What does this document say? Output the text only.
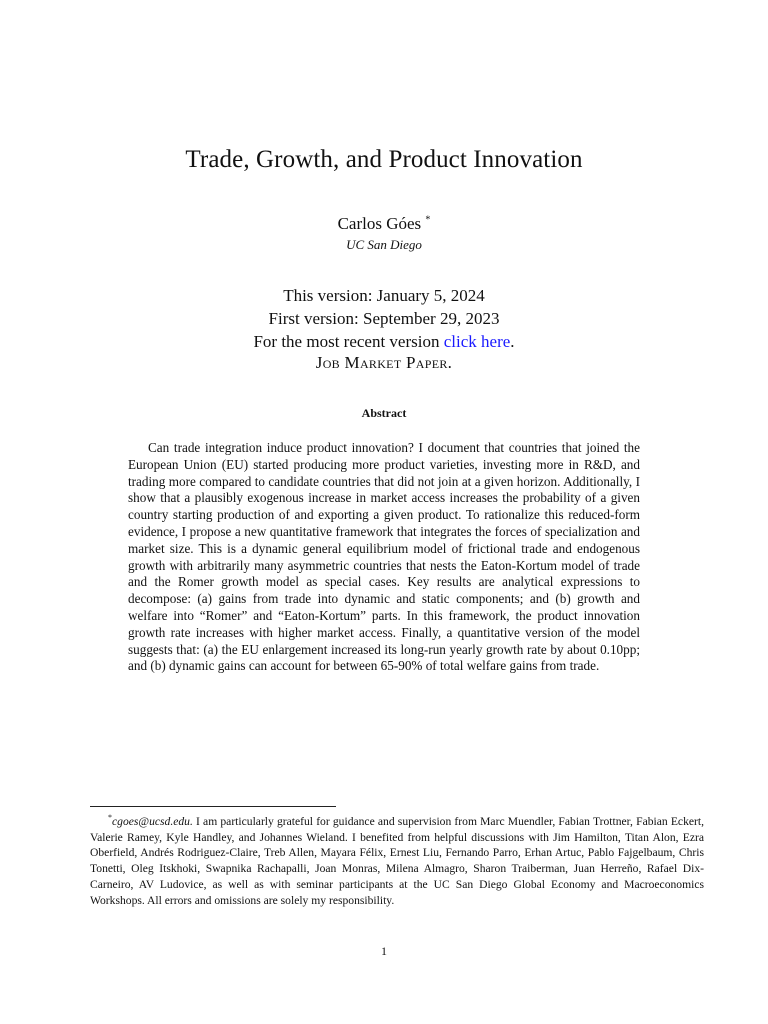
Trade, Growth, and Product Innovation
Carlos Góes *
UC San Diego
This version: January 5, 2024
First version: September 29, 2023
For the most recent version click here.
Job Market Paper.
Abstract

Can trade integration induce product innovation? I document that countries that joined the European Union (EU) started producing more product varieties, investing more in R&D, and trading more compared to candidate countries that did not join at a given horizon. Additionally, I show that a plausibly exogenous increase in market access increases the probability of a given country starting production of and exporting a given product. To rationalize this reduced-form evidence, I propose a new quantitative framework that integrates the forces of specialization and market size. This is a dynamic general equilibrium model of frictional trade and endogenous growth with arbitrarily many asymmetric countries that nests the Eaton-Kortum model of trade and the Romer growth model as special cases. Key results are analytical expressions to decompose: (a) gains from trade into dynamic and static components; and (b) growth and welfare into “Romer” and “Eaton-Kortum” parts. In this framework, the product innovation growth rate increases with higher market access. Finally, a quantitative version of the model suggests that: (a) the EU enlargement increased its long-run yearly growth rate by about 0.10pp; and (b) dynamic gains can account for between 65-90% of total welfare gains from trade.

*cgoes@ucsd.edu. I am particularly grateful for guidance and supervision from Marc Muendler, Fabian Trottner, Fabian Eckert, Valerie Ramey, Kyle Handley, and Johannes Wieland. I benefited from helpful discussions with Jim Hamilton, Titan Alon, Ezra Oberfield, Andrés Rodriguez-Claire, Treb Allen, Mayara Félix, Ernest Liu, Fernando Parro, Erhan Artuc, Pablo Fajgelbaum, Chris Tonetti, Oleg Itskhoki, Swapnika Rachapalli, Joan Monras, Milena Almagro, Sharon Traiberman, Juan Herreño, Rafael Dix-Carneiro, AV Ludovice, as well as with seminar participants at the UC San Diego Global Economy and Macroeconomics Workshops. All errors and omissions are solely my responsibility.

1
